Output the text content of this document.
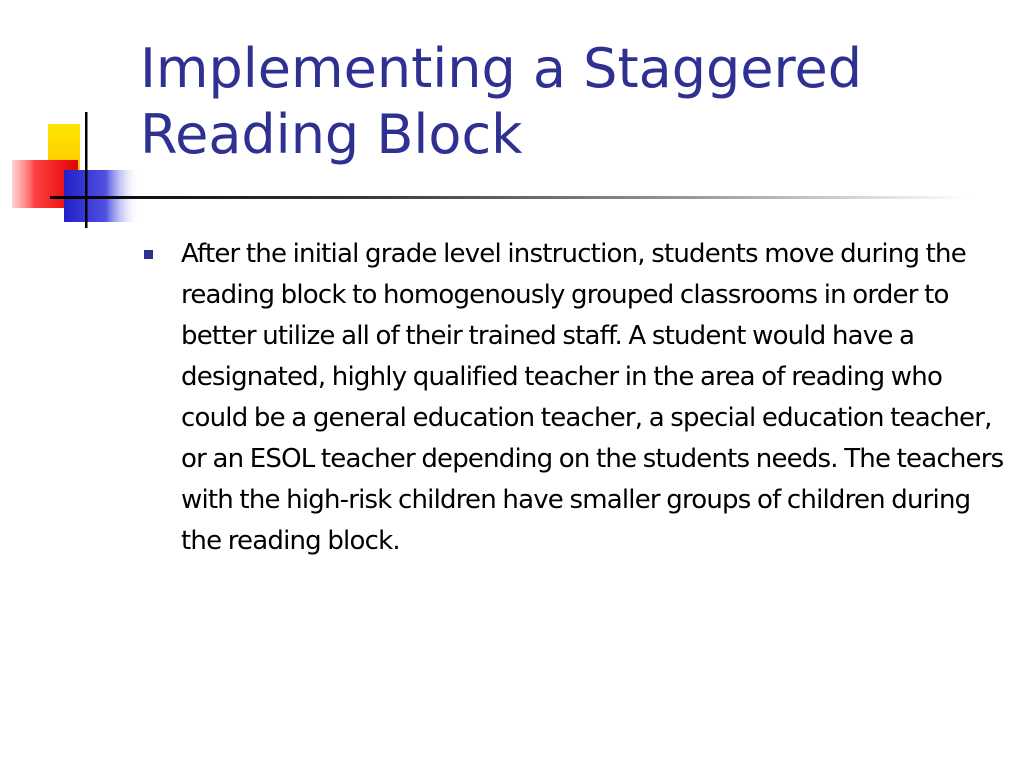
Implementing a Staggered
Reading Block
After the initial grade level instruction, students move during the reading block to homogenously grouped classrooms in order to better utilize all of their trained staff. A student would have a designated, highly qualified teacher in the area of reading who could be a general education teacher, a special education teacher, or an ESOL teacher depending on the students needs. The teachers with the high-risk children have smaller groups of children during the reading block.
